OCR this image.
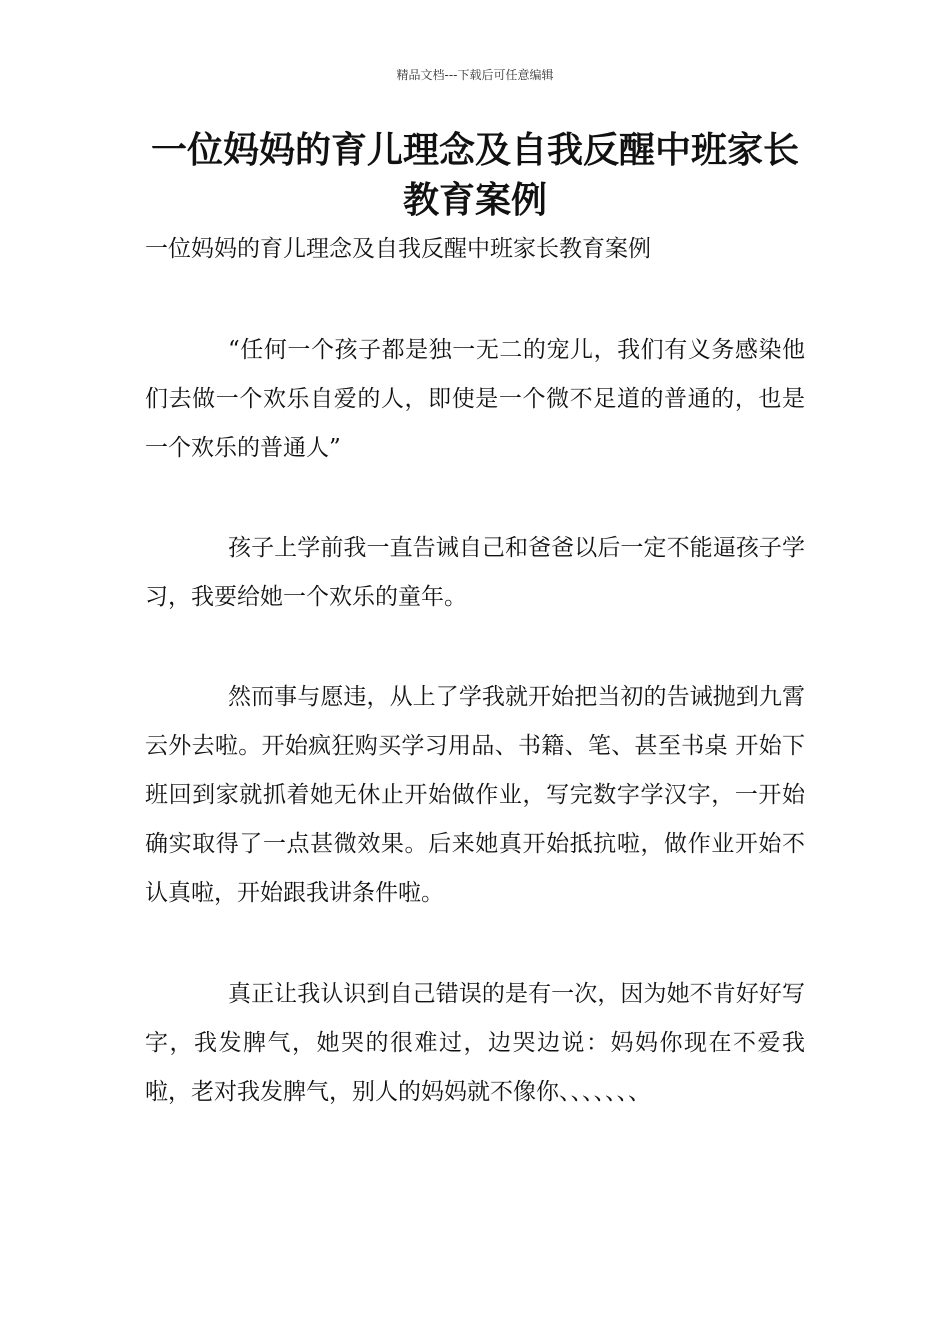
精品文档---下载后可任意编辑
一位妈妈的育儿理念及自我反醒中班家长教育案例

一位妈妈的育儿理念及自我反醒中班家长教育案例

“任何一个孩子都是独一无二的宠儿，我们有义务感染他们去做一个欢乐自爱的人，即使是一个微不足道的普通的，也是一个欢乐的普通人”

孩子上学前我一直告诫自己和爸爸以后一定不能逼孩子学习，我要给她一个欢乐的童年。

然而事与愿违，从上了学我就开始把当初的告诫抛到九霄云外去啦。开始疯狂购买学习用品、书籍、笔、甚至书桌 开始下班回到家就抓着她无休止开始做作业，写完数字学汉字，一开始确实取得了一点甚微效果。后来她真开始抵抗啦，做作业开始不认真啦，开始跟我讲条件啦。

真正让我认识到自己错误的是有一次，因为她不肯好好写字，我发脾气，她哭的很难过，边哭边说：妈妈你现在不爱我啦，老对我发脾气，别人的妈妈就不像你、、、、、、、
